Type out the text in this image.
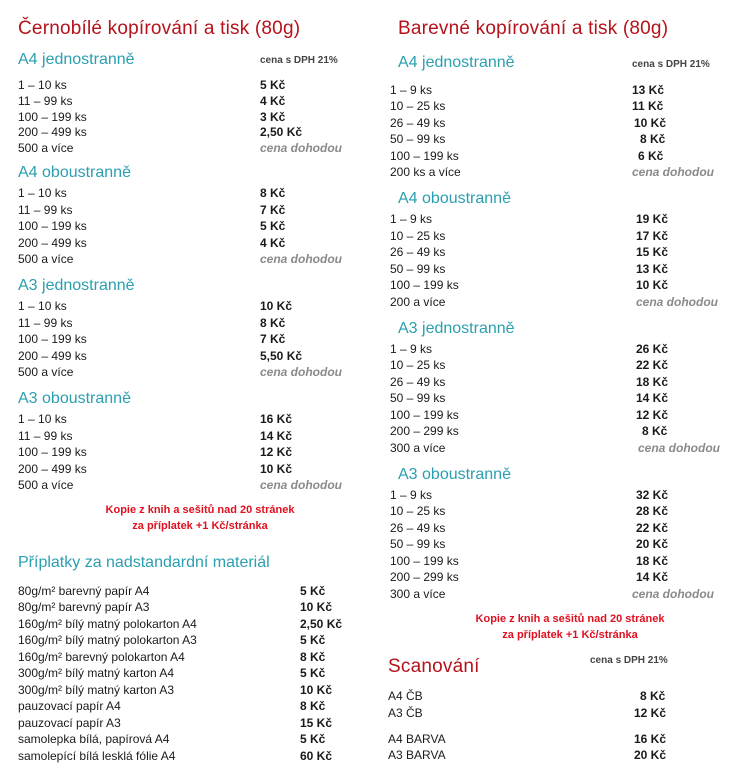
Černobílé kopírování a tisk (80g)
cena s DPH 21%
A4 jednostranně
1 – 10 ks	5 Kč
11 – 99 ks	4 Kč
100 – 199 ks	3 Kč
200 – 499 ks	2,50 Kč
500 a více	cena dohodou
A4 oboustranně
1 – 10 ks	8 Kč
11 – 99 ks	7 Kč
100 – 199 ks	5 Kč
200 – 499 ks	4 Kč
500 a více	cena dohodou
A3 jednostranně
1 – 10 ks	10 Kč
11 – 99 ks	8 Kč
100 – 199 ks	7 Kč
200 – 499 ks	5,50 Kč
500 a více	cena dohodou
A3 oboustranně
1 – 10 ks	16 Kč
11 – 99 ks	14 Kč
100 – 199 ks	12 Kč
200 – 499 ks	10 Kč
500 a více	cena dohodou
Kopie z knih a sešitů nad 20 stránek
za příplatek +1 Kč/stránka
Příplatky za nadstandardní materiál
80g/m² barevný papír A4	5 Kč
80g/m² barevný papír A3	10 Kč
160g/m² bílý matný polokarton A4	2,50 Kč
160g/m² bílý matný polokarton A3	5 Kč
160g/m² barevný polokarton A4	8 Kč
300g/m² bílý matný karton A4	5 Kč
300g/m² bílý matný karton A3	10 Kč
pauzovací papír A4	8 Kč
pauzovací papír A3	15 Kč
samolepka bílá, papírová A4	5 Kč
samolepící bílá lesklá fólie A4	60 Kč
Barevné kopírování a tisk (80g)
cena s DPH 21%
A4 jednostranně
1 – 9 ks	13 Kč
10 – 25 ks	11 Kč
26 – 49 ks	10 Kč
50 – 99 ks	8 Kč
100 – 199 ks	6 Kč
200 ks a více	cena dohodou
A4 oboustranně
1 – 9 ks	19 Kč
10 – 25 ks	17 Kč
26 – 49 ks	15 Kč
50 – 99 ks	13 Kč
100 – 199 ks	10 Kč
200 a více	cena dohodou
A3 jednostranně
1 – 9 ks	26 Kč
10 – 25 ks	22 Kč
26 – 49 ks	18 Kč
50 – 99 ks	14 Kč
100 – 199 ks	12 Kč
200 – 299 ks	8 Kč
300 a více	cena dohodou
A3 oboustranně
1 – 9 ks	32 Kč
10 – 25 ks	28 Kč
26 – 49 ks	22 Kč
50 – 99 ks	20 Kč
100 – 199 ks	18 Kč
200 – 299 ks	14 Kč
300 a více	cena dohodou
Kopie z knih a sešitů nad 20 stránek
za příplatek +1 Kč/stránka
Scanování	cena s DPH 21%
A4 ČB	8 Kč
A3 ČB	12 Kč
A4 BARVA	16 Kč
A3 BARVA	20 Kč
